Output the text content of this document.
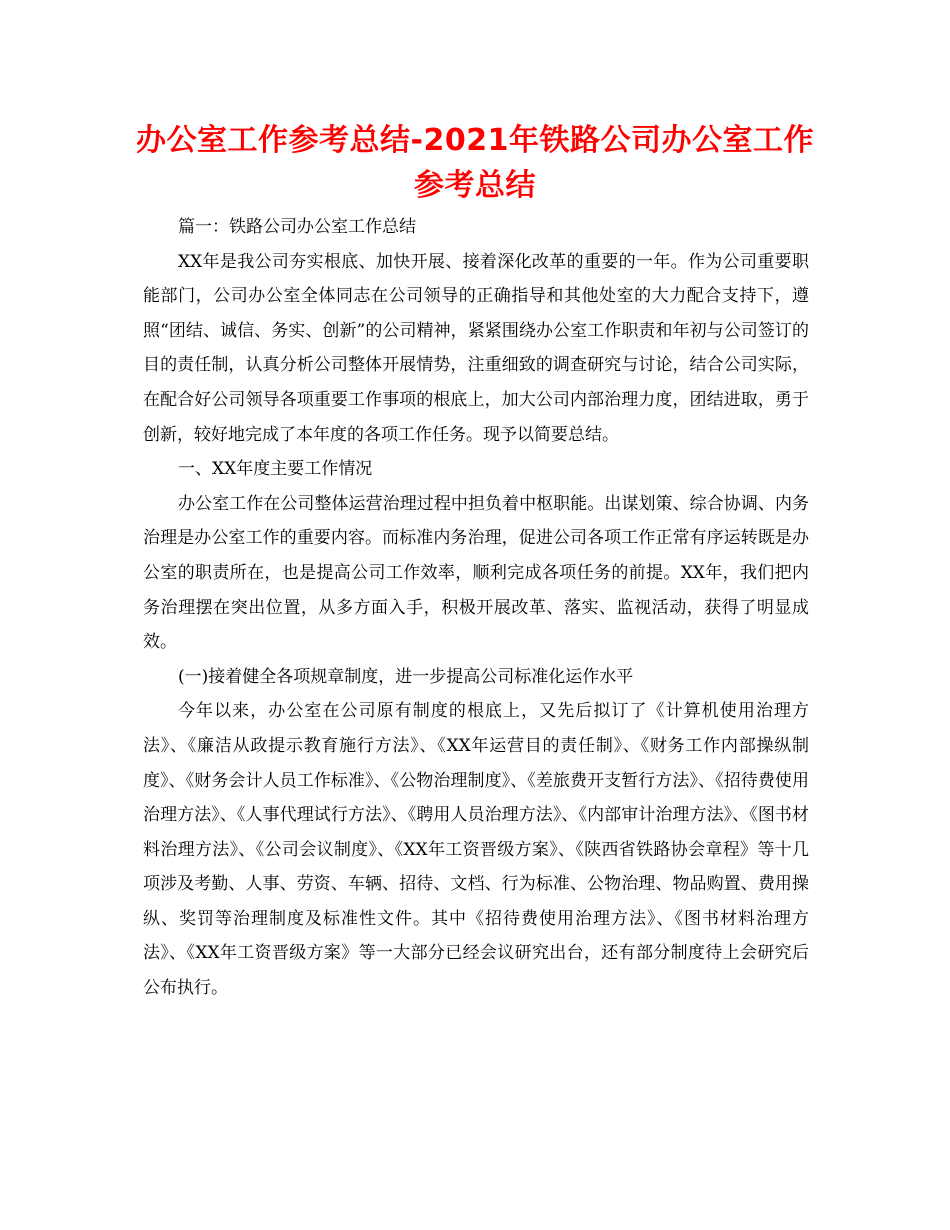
办公室工作参考总结-2021年铁路公司办公室工作参考总结

篇一：铁路公司办公室工作总结

XX年是我公司夯实根底、加快开展、接着深化改革的重要的一年。作为公司重要职能部门，公司办公室全体同志在公司领导的正确指导和其他处室的大力配合支持下，遵照“团结、诚信、务实、创新”的公司精神，紧紧围绕办公室工作职责和年初与公司签订的目的责任制，认真分析公司整体开展情势，注重细致的调查研究与讨论，结合公司实际，在配合好公司领导各项重要工作事项的根底上，加大公司内部治理力度，团结进取，勇于创新，较好地完成了本年度的各项工作任务。现予以简要总结。

一、XX年度主要工作情况

办公室工作在公司整体运营治理过程中担负着中枢职能。出谋划策、综合协调、内务治理是办公室工作的重要内容。而标准内务治理，促进公司各项工作正常有序运转既是办公室的职责所在，也是提高公司工作效率，顺利完成各项任务的前提。XX年，我们把内务治理摆在突出位置，从多方面入手，积极开展改革、落实、监视活动，获得了明显成效。

(一)接着健全各项规章制度，进一步提高公司标准化运作水平

今年以来，办公室在公司原有制度的根底上，又先后拟订了《计算机使用治理方法》、《廉洁从政提示教育施行方法》、《XX年运营目的责任制》、《财务工作内部操纵制度》、《财务会计人员工作标准》、《公物治理制度》、《差旅费开支暂行方法》、《招待费使用治理方法》、《人事代理试行方法》、《聘用人员治理方法》、《内部审计治理方法》、《图书材料治理方法》、《公司会议制度》、《XX年工资晋级方案》、《陕西省铁路协会章程》等十几项涉及考勤、人事、劳资、车辆、招待、文档、行为标准、公物治理、物品购置、费用操纵、奖罚等治理制度及标准性文件。其中《招待费使用治理方法》、《图书材料治理方法》、《XX年工资晋级方案》等一大部分已经会议研究出台，还有部分制度待上会研究后公布执行。
